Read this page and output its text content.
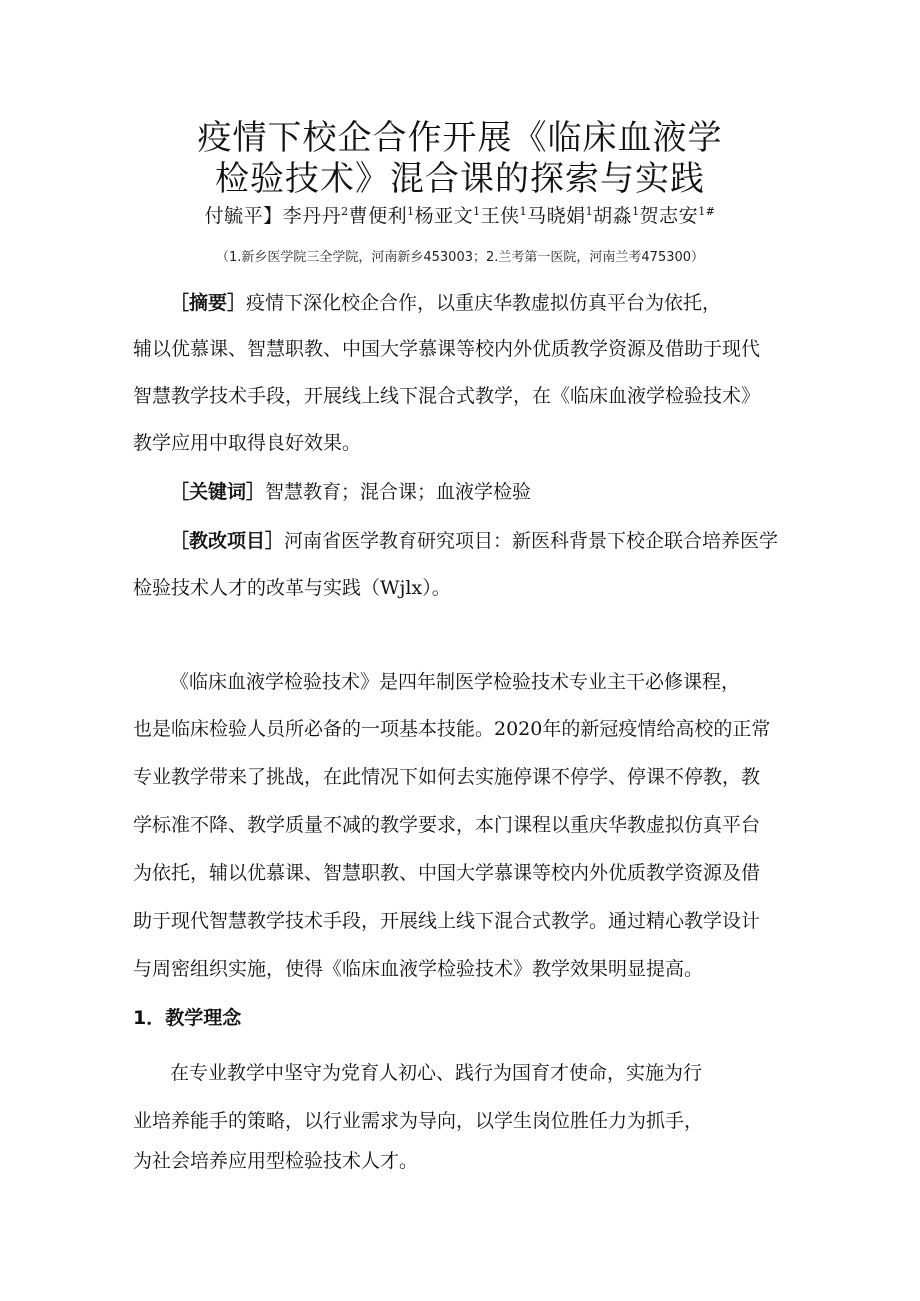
疫情下校企合作开展《临床血液学
检验技术》混合课的探索与实践
付毓平】李丹丹$^2$曹便利$^1$杨亚文$^1$王侠$^1$马晓娟$^1$胡淼$^1$贺志安$^{1\#}$
（1.新乡医学院三全学院，河南新乡453003；2.兰考第一医院，河南兰考475300）
［摘要］疫情下深化校企合作，以重庆华教虚拟仿真平台为依托，
辅以优慕课、智慧职教、中国大学慕课等校内外优质教学资源及借助于现代
智慧教学技术手段，开展线上线下混合式教学，在《临床血液学检验技术》
教学应用中取得良好效果。
［关键词］智慧教育；混合课；血液学检验
［教改项目］河南省医学教育研究项目：新医科背景下校企联合培养医学
检验技术人才的改革与实践（Wjlx）。
《临床血液学检验技术》是四年制医学检验技术专业主干必修课程，
也是临床检验人员所必备的一项基本技能。2020年的新冠疫情给高校的正常
专业教学带来了挑战，在此情况下如何去实施停课不停学、停课不停教，教
学标准不降、教学质量不减的教学要求，本门课程以重庆华教虚拟仿真平台
为依托，辅以优慕课、智慧职教、中国大学慕课等校内外优质教学资源及借
助于现代智慧教学技术手段，开展线上线下混合式教学。通过精心教学设计
与周密组织实施，使得《临床血液学检验技术》教学效果明显提高。
1．教学理念
在专业教学中坚守为党育人初心、践行为国育才使命，实施为行
业培养能手的策略，以行业需求为导向，以学生岗位胜任力为抓手，
为社会培养应用型检验技术人才。
